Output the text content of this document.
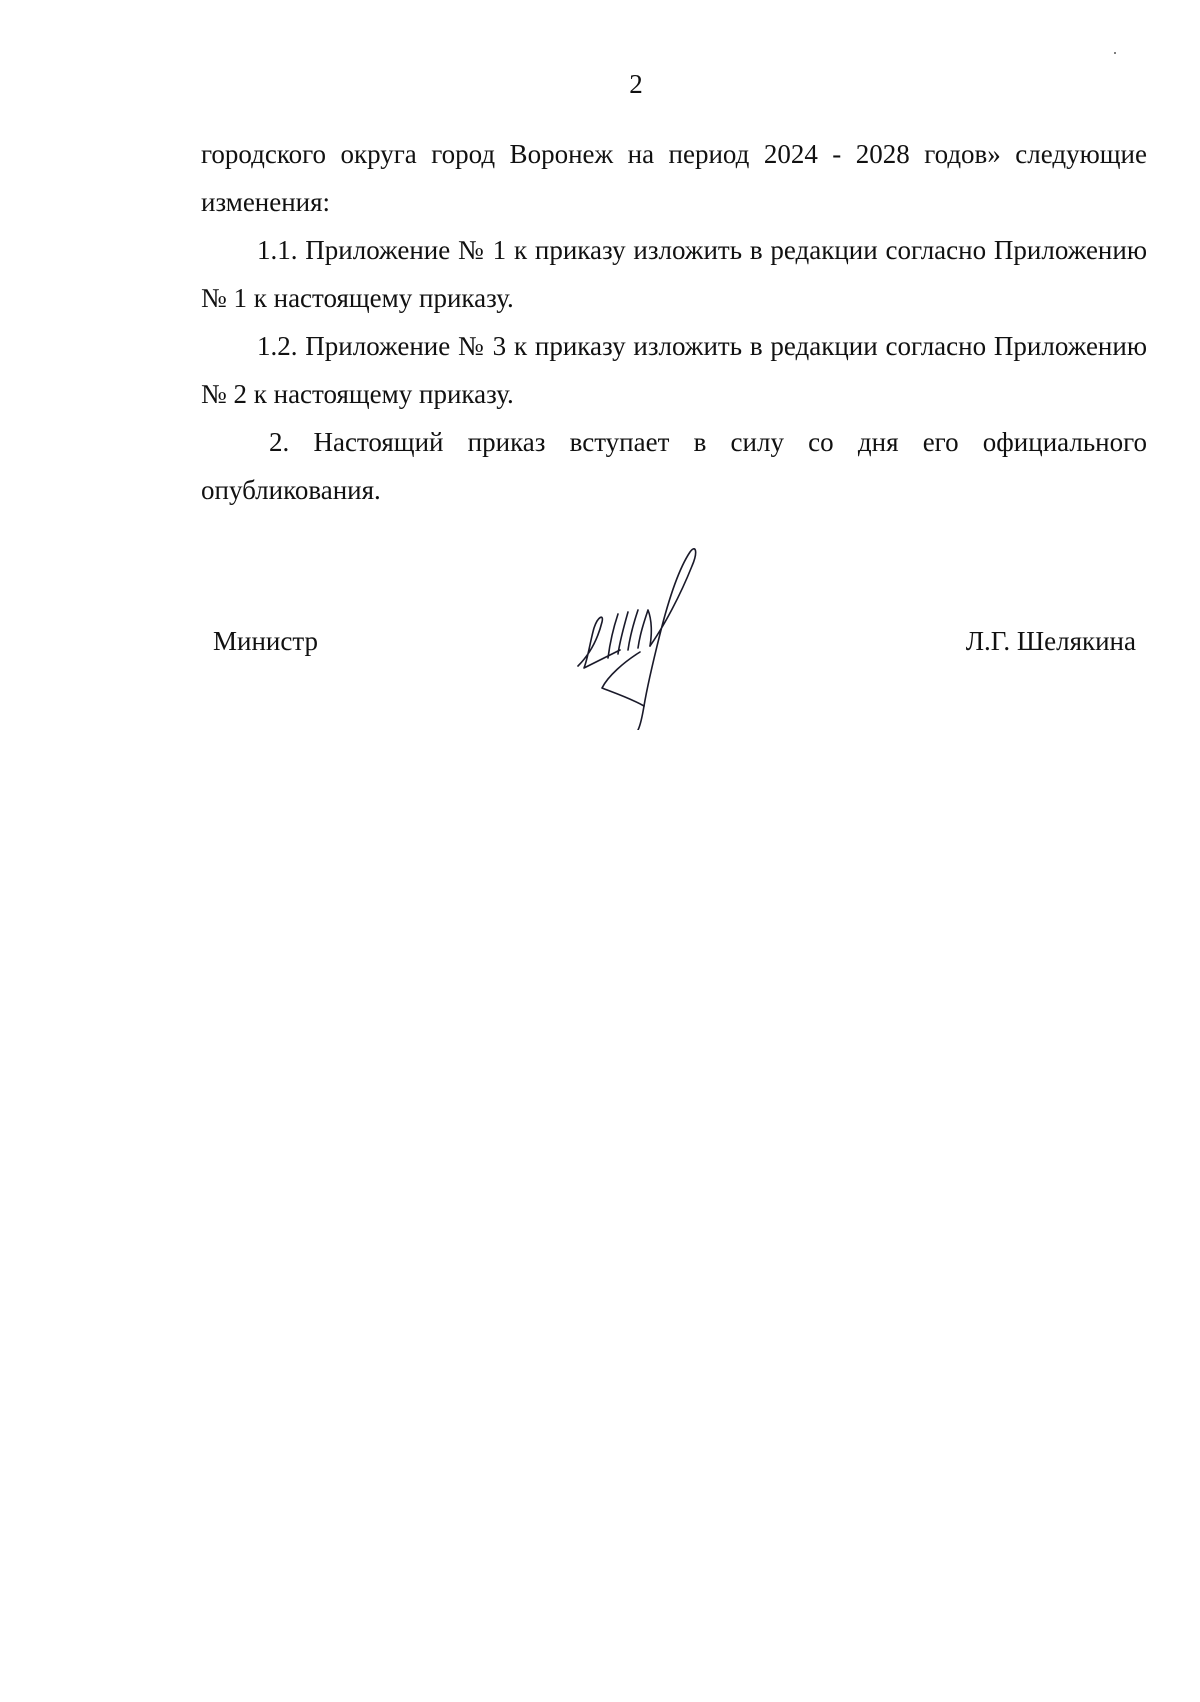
2

городского округа город Воронеж на период 2024 - 2028 годов» следующие изменения:

1.1. Приложение № 1 к приказу изложить в редакции согласно Приложению № 1 к настоящему приказу.

1.2. Приложение № 3 к приказу изложить в редакции согласно Приложению № 2 к настоящему приказу.

2. Настоящий приказ вступает в силу со дня его официального опубликования.

Министр	Л.Г. Шелякина
